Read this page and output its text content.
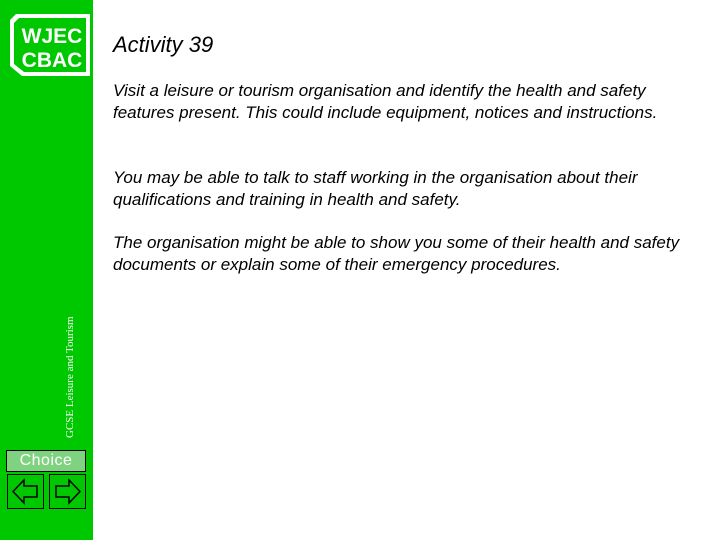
WJEC
CBAC
GCSE Leisure and Tourism
Choice
Activity 39

Visit a leisure or tourism organisation and identify the health and safety features present. This could include equipment, notices and instructions.

You may be able to talk to staff working in the organisation about their qualifications and training in health and safety.

The organisation might be able to show you some of their health and safety documents or explain some of their emergency procedures.
